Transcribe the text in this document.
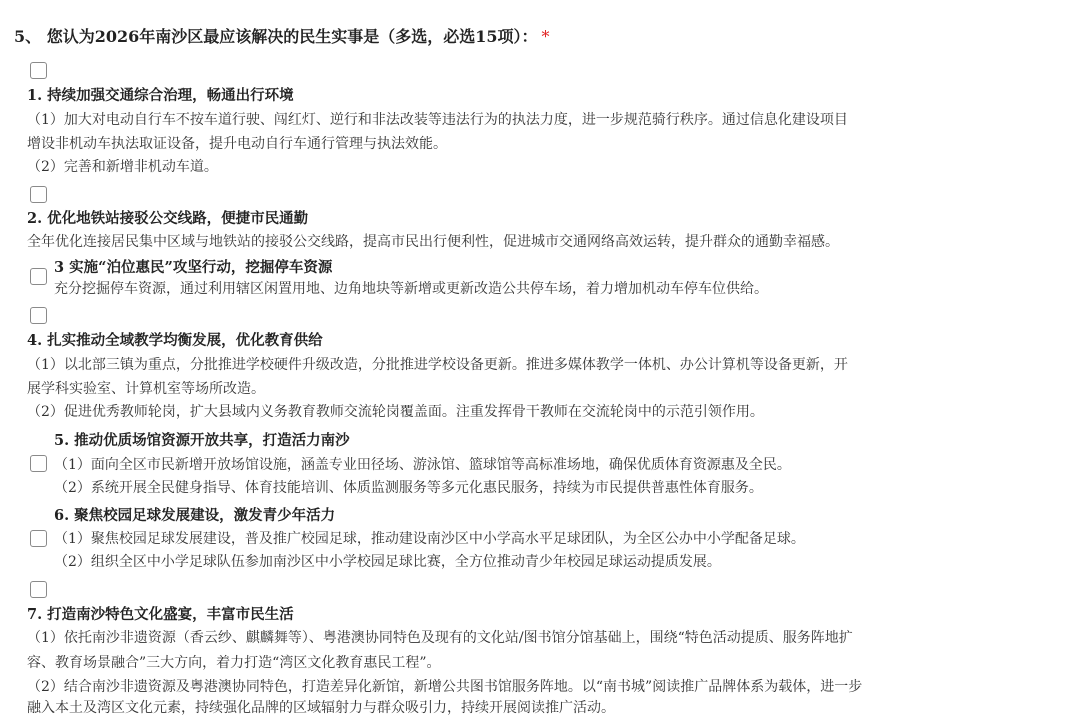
5、 您认为2026年南沙区最应该解决的民生实事是（多选，必选15项）： *
1. 持续加强交通综合治理，畅通出行环境
（1）加大对电动自行车不按车道行驶、闯红灯、逆行和非法改装等违法行为的执法力度，进一步规范骑行秩序。通过信息化建设项目
增设非机动车执法取证设备，提升电动自行车通行管理与执法效能。
（2）完善和新增非机动车道。
2. 优化地铁站接驳公交线路，便捷市民通勤
全年优化连接居民集中区域与地铁站的接驳公交线路，提高市民出行便利性，促进城市交通网络高效运转，提升群众的通勤幸福感。
3 实施“泊位惠民”攻坚行动，挖掘停车资源
充分挖掘停车资源，通过利用辖区闲置用地、边角地块等新增或更新改造公共停车场，着力增加机动车停车位供给。
4. 扎实推动全域教学均衡发展，优化教育供给
（1）以北部三镇为重点，分批推进学校硬件升级改造，分批推进学校设备更新。推进多媒体教学一体机、办公计算机等设备更新，开
展学科实验室、计算机室等场所改造。
（2）促进优秀教师轮岗，扩大县域内义务教育教师交流轮岗覆盖面。注重发挥骨干教师在交流轮岗中的示范引领作用。
5. 推动优质场馆资源开放共享，打造活力南沙
（1）面向全区市民新增开放场馆设施，涵盖专业田径场、游泳馆、篮球馆等高标准场地，确保优质体育资源惠及全民。
（2）系统开展全民健身指导、体育技能培训、体质监测服务等多元化惠民服务，持续为市民提供普惠性体育服务。
6. 聚焦校园足球发展建设，激发青少年活力
（1）聚焦校园足球发展建设，普及推广校园足球，推动建设南沙区中小学高水平足球团队，为全区公办中小学配备足球。
（2）组织全区中小学足球队伍参加南沙区中小学校园足球比赛，全方位推动青少年校园足球运动提质发展。
7. 打造南沙特色文化盛宴，丰富市民生活
（1）依托南沙非遗资源（香云纱、麒麟舞等）、粤港澳协同特色及现有的文化站/图书馆分馆基础上，围绕“特色活动提质、服务阵地扩
容、教育场景融合”三大方向，着力打造“湾区文化教育惠民工程”。
（2）结合南沙非遗资源及粤港澳协同特色，打造差异化新馆，新增公共图书馆服务阵地。以“南书城”阅读推广品牌体系为载体，进一步
融入本土及湾区文化元素，持续强化品牌的区域辐射力与群众吸引力，持续开展阅读推广活动。
